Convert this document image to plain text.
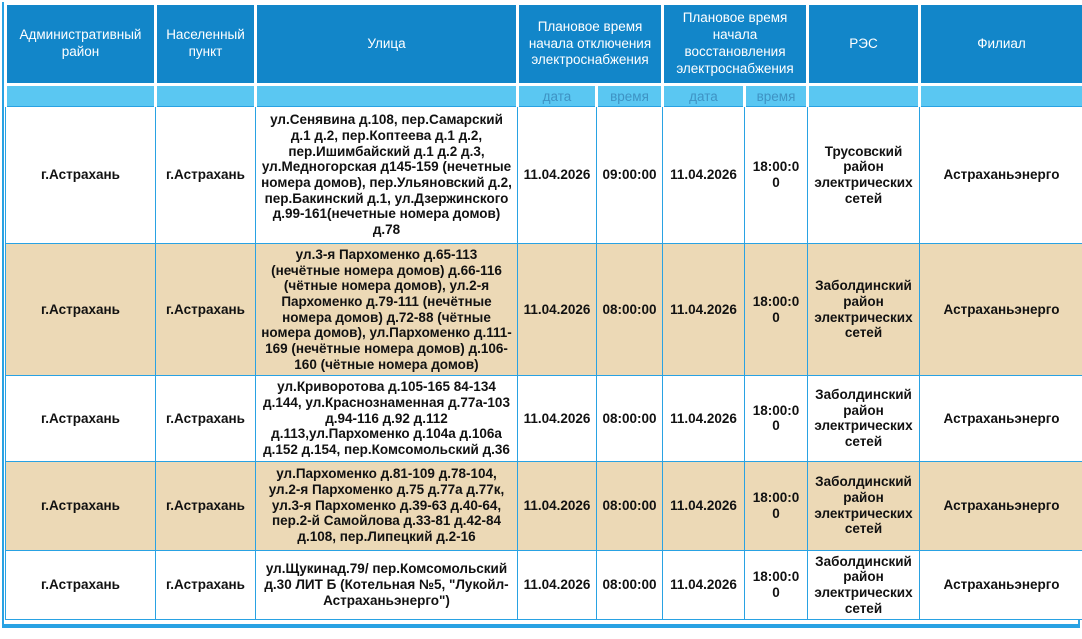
Административный район	Населенный пункт	Улица	Плановое время начала отключения электроснабжения		Плановое время начала восстановления электроснабжения		РЭС	Филиал
			дата	время	дата	время		
г.Астрахань	г.Астрахань	ул.Сенявина д.108, пер.Самарский д.1 д.2, пер.Коптеева д.1 д.2, пер.Ишимбайский д.1 д.2 д.3, ул.Медногорская д145-159 (нечетные номера домов), пер.Ульяновский д.2, пер.Бакинский д.1, ул.Дзержинского д.99-161(нечетные номера домов) д.78	11.04.2026	09:00:00	11.04.2026	18:00:00	Трусовский район электрических сетей	Астраханьэнерго
г.Астрахань	г.Астрахань	ул.3-я Пархоменко д.65-113 (нечётные номера домов) д.66-116 (чётные номера домов), ул.2-я Пархоменко д.79-111 (нечётные номера домов) д.72-88 (чётные номера домов), ул.Пархоменко д.111-169 (нечётные номера домов) д.106-160 (чётные номера домов)	11.04.2026	08:00:00	11.04.2026	18:00:00	Заболдинский район электрических сетей	Астраханьэнерго
г.Астрахань	г.Астрахань	ул.Криворотова д.105-165 84-134 д.144, ул.Краснознаменная д.77а-103 д.94-116 д.92 д.112 д.113,ул.Пархоменко д.104а д.106а д.152 д.154, пер.Комсомольский д.36	11.04.2026	08:00:00	11.04.2026	18:00:00	Заболдинский район электрических сетей	Астраханьэнерго
г.Астрахань	г.Астрахань	ул.Пархоменко д.81-109 д.78-104, ул.2-я Пархоменко д.75 д.77а д.77к, ул.3-я Пархоменко д.39-63 д.40-64, пер.2-й Самойлова д.33-81 д.42-84 д.108, пер.Липецкий д.2-16	11.04.2026	08:00:00	11.04.2026	18:00:00	Заболдинский район электрических сетей	Астраханьэнерго
г.Астрахань	г.Астрахань	ул.Щукинад.79/ пер.Комсомольский д.30 ЛИТ Б (Котельная №5, "Лукойл-Астраханьэнерго")	11.04.2026	08:00:00	11.04.2026	18:00:00	Заболдинский район электрических сетей	Астраханьэнерго
